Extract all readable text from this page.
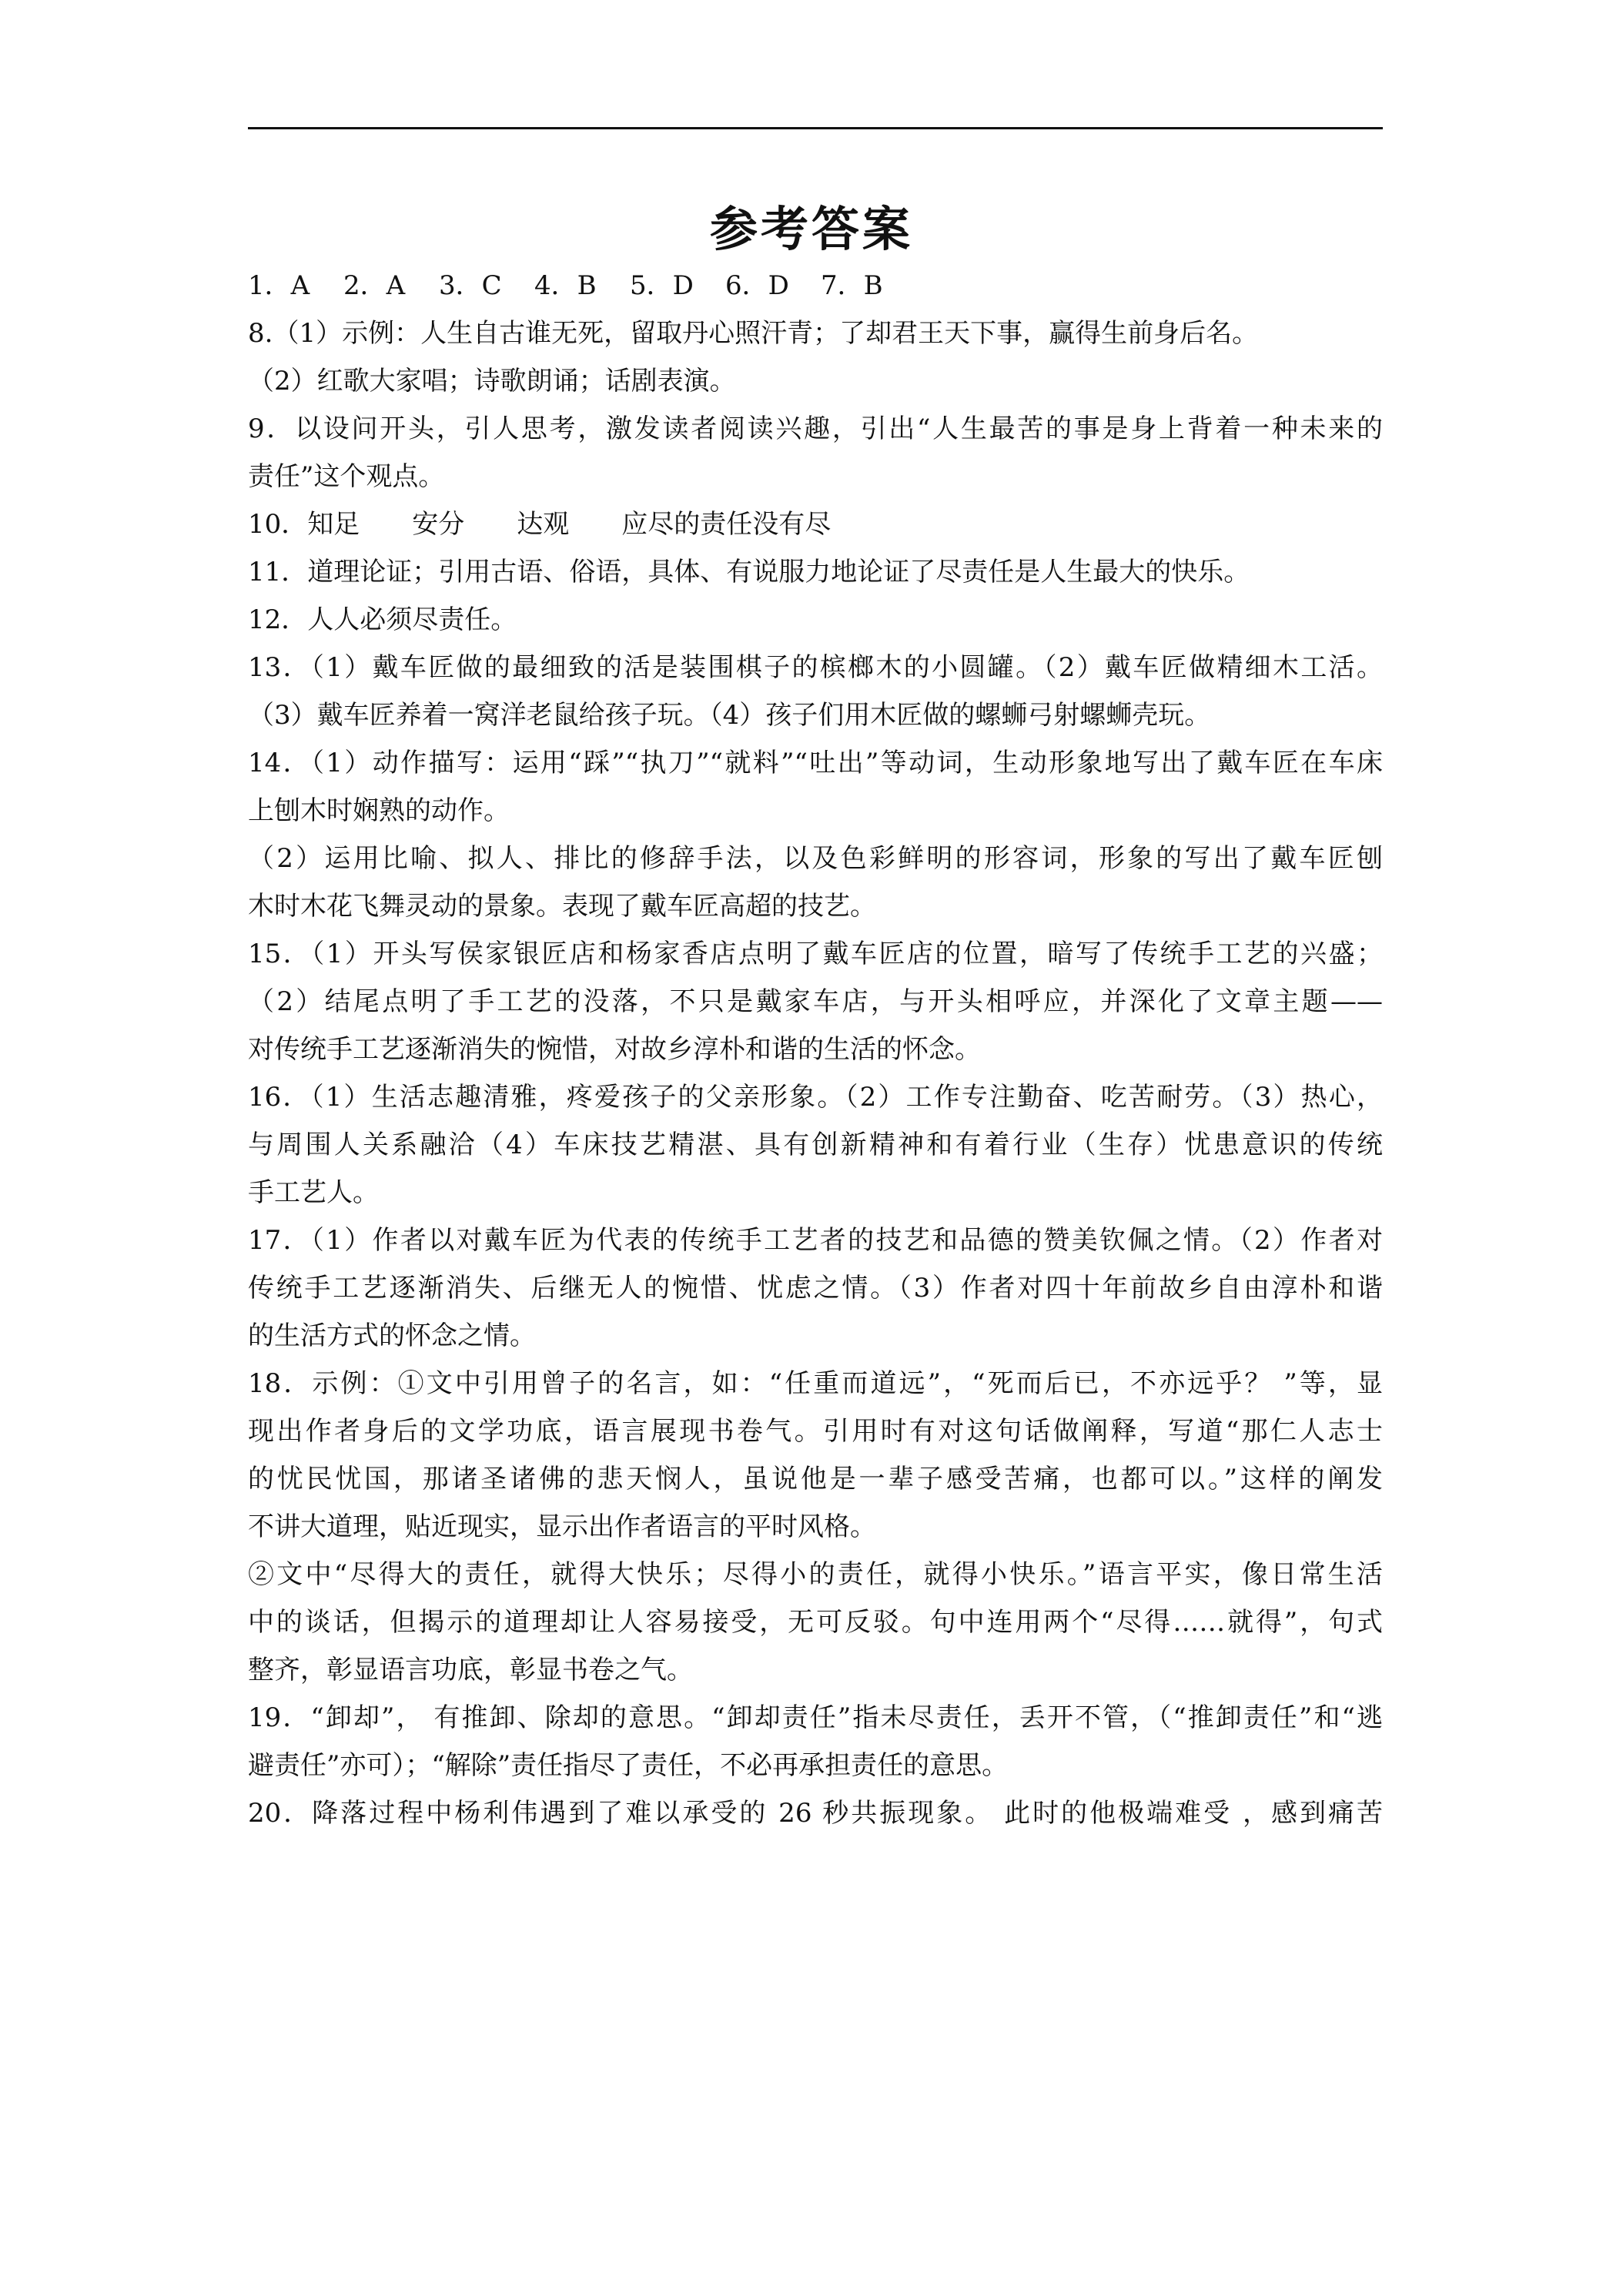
参考答案
1．A 2．A 3．C 4．B 5．D 6．D 7．B
8.（1）示例：人生自古谁无死，留取丹心照汗青；了却君王天下事，赢得生前身后名。
（2）红歌大家唱；诗歌朗诵；话剧表演。
9．以设问开头，引人思考，激发读者阅读兴趣，引出“人生最苦的事是身上背着一种未来的
责任”这个观点。
10．知足　　安分　　达观　　应尽的责任没有尽
11．道理论证；引用古语、俗语，具体、有说服力地论证了尽责任是人生最大的快乐。
12．人人必须尽责任。
13．（1）戴车匠做的最细致的活是装围棋子的槟榔木的小圆罐。（2）戴车匠做精细木工活。
（3）戴车匠养着一窝洋老鼠给孩子玩。（4）孩子们用木匠做的螺蛳弓射螺蛳壳玩。
14．（1）动作描写：运用“踩”“执刀”“就料”“吐出”等动词，生动形象地写出了戴车匠在车床
上刨木时娴熟的动作。
（2）运用比喻、拟人、排比的修辞手法，以及色彩鲜明的形容词，形象的写出了戴车匠刨
木时木花飞舞灵动的景象。表现了戴车匠高超的技艺。
15．（1）开头写侯家银匠店和杨家香店点明了戴车匠店的位置，暗写了传统手工艺的兴盛；
（2）结尾点明了手工艺的没落，不只是戴家车店，与开头相呼应，并深化了文章主题——
对传统手工艺逐渐消失的惋惜，对故乡淳朴和谐的生活的怀念。
16．（1）生活志趣清雅，疼爱孩子的父亲形象。（2）工作专注勤奋、吃苦耐劳。（3）热心，
与周围人关系融洽（4）车床技艺精湛、具有创新精神和有着行业（生存）忧患意识的传统
手工艺人。
17．（1）作者以对戴车匠为代表的传统手工艺者的技艺和品德的赞美钦佩之情。（2）作者对
传统手工艺逐渐消失、后继无人的惋惜、忧虑之情。（3）作者对四十年前故乡自由淳朴和谐
的生活方式的怀念之情。
18．示例：①文中引用曾子的名言，如：“任重而道远”，“死而后已，不亦远乎？ ”等，显
现出作者身后的文学功底，语言展现书卷气。引用时有对这句话做阐释，写道“那仁人志士
的忧民忧国，那诸圣诸佛的悲天悯人，虽说他是一辈子感受苦痛，也都可以。”这样的阐发
不讲大道理，贴近现实，显示出作者语言的平时风格。
②文中“尽得大的责任，就得大快乐；尽得小的责任，就得小快乐。”语言平实，像日常生活
中的谈话，但揭示的道理却让人容易接受，无可反驳。句中连用两个“尽得……就得”，句式
整齐，彰显语言功底，彰显书卷之气。
19．“卸却”， 有推卸、除却的意思。“卸却责任”指未尽责任，丢开不管，（“推卸责任”和“逃
避责任”亦可）；“解除”责任指尽了责任，不必再承担责任的意思。
20．降落过程中杨利伟遇到了难以承受的 26 秒共振现象。 此时的他极端难受 ，感到痛苦
